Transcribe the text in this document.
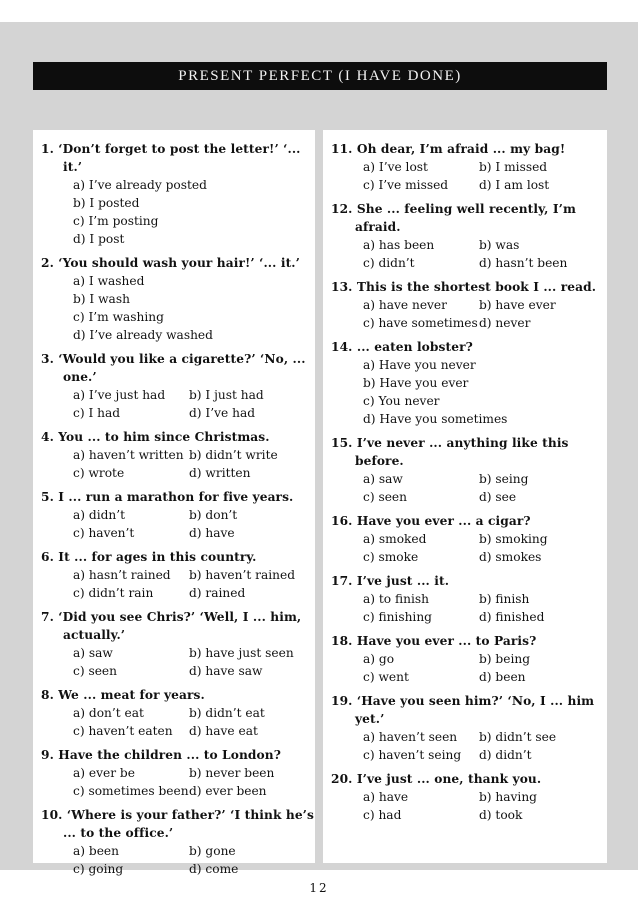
PRESENT PERFECT (I HAVE DONE)
1. ‘Don’t forget to post the letter!’ ‘... it.’
a) I’ve already posted
b) I posted
c) I’m posting
d) I post
2. ‘You should wash your hair!’ ‘... it.’
a) I washed
b) I wash
c) I’m washing
d) I’ve already washed
3. ‘Would you like a cigarette?’ ‘No, ... one.’
a) I’ve just had	b) I just had
c) I had	d) I’ve had
4. You ... to him since Christmas.
a) haven’t written b) didn’t write
c) wrote	d) written
5. I ... run a marathon for five years.
a) didn’t	b) don’t
c) haven’t	d) have
6. It ... for ages in this country.
a) hasn’t rained	b) haven’t rained
c) didn’t rain	d) rained
7. ‘Did you see Chris?’ ‘Well, I ... him, actually.’
a) saw	b) have just seen
c) seen	d) have saw
8. We ... meat for years.
a) don’t eat	b) didn’t eat
c) haven’t eaten	d) have eat
9. Have the children ... to London?
a) ever be	b) never been
c) sometimes been d) ever been
10. ‘Where is your father?’ ‘I think he’s ... to the office.’
a) been	b) gone
c) going	d) come
11. Oh dear, I’m afraid ... my bag!
a) I’ve lost	b) I missed
c) I’ve missed	d) I am lost
12. She ... feeling well recently, I’m afraid.
a) has been	b) was
c) didn’t	d) hasn’t been
13. This is the shortest book I ... read.
a) have never	b) have ever
c) have sometimes d) never
14. ... eaten lobster?
a) Have you never
b) Have you ever
c) You never
d) Have you sometimes
15. I’ve never ... anything like this before.
a) saw	b) seing
c) seen	d) see
16. Have you ever ... a cigar?
a) smoked	b) smoking
c) smoke	d) smokes
17. I’ve just ... it.
a) to finish	b) finish
c) finishing	d) finished
18. Have you ever ... to Paris?
a) go	b) being
c) went	d) been
19. ‘Have you seen him?’ ‘No, I ... him yet.’
a) haven’t seen	b) didn’t see
c) haven’t seing	d) didn’t
20. I’ve just ... one, thank you.
a) have	b) having
c) had	d) took
12
